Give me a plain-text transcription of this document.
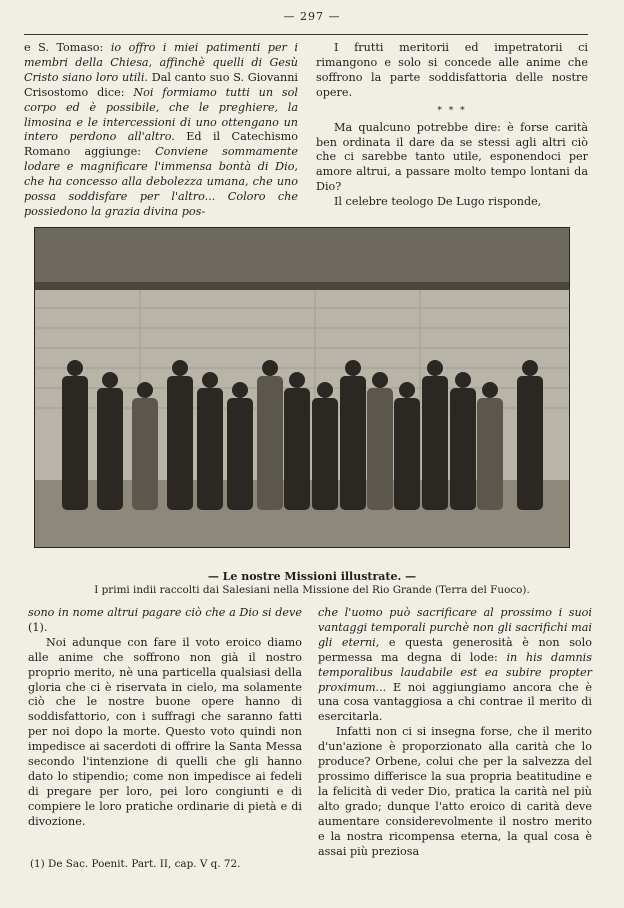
— 297 —

e S. Tomaso: io offro i miei patimenti per i membri della Chiesa, affinchè quelli di Gesù Cristo siano loro utili. Dal canto suo S. Giovanni Crisostomo dice: Noi formiamo tutti un sol corpo ed è possibile, che le preghiere, la limosina e le intercessioni di uno ottengano un intero perdono all'altro. Ed il Catechismo Romano aggiunge: Conviene sommamente lodare e magnificare l'immensa bontà di Dio, che ha concesso alla debolezza umana, che uno possa soddisfare per l'altro... Coloro che possiedono la grazia divina pos-

I frutti meritorii ed impetratorii ci rimangono e solo si concede alle anime che soffrono la parte soddisfattoria delle nostre opere.

* * *

Ma qualcuno potrebbe dire: è forse carità ben ordinata il dare da se stessi agli altri ciò che ci sarebbe tanto utile, esponendoci per amore altrui, a passare molto tempo lontani da Dio?

Il celebre teologo De Lugo risponde,

— Le nostre Missioni illustrate. —
I primi indii raccolti dai Salesiani nella Missione del Rio Grande (Terra del Fuoco).

sono in nome altrui pagare ciò che a Dio si deve (1).

Noi adunque con fare il voto eroico diamo alle anime che soffrono non già il nostro proprio merito, nè una particella qualsiasi della gloria che ci è riservata in cielo, ma solamente ciò che le nostre buone opere hanno di soddisfattorio, con i suffragi che saranno fatti per noi dopo la morte. Questo voto quindi non impedisce ai sacerdoti di offrire la Santa Messa secondo l'intenzione di quelli che gli hanno dato lo stipendio; come non impedisce ai fedeli di pregare per loro, pei loro congiunti e di compiere le loro pratiche ordinarie di pietà e di divozione.

che l'uomo può sacrificare al prossimo i suoi vantaggi temporali purchè non gli sacrifichi mai gli eterni, e questa generosità è non solo permessa ma degna di lode: in his damnis temporalibus laudabile est ea subire propter proximum... E noi aggiungiamo ancora che è una cosa vantaggiosa a chi contrae il merito di esercitarla.

Infatti non ci si insegna forse, che il merito d'un'azione è proporzionato alla carità che lo produce? Orbene, colui che per la salvezza del prossimo differisce la sua propria beatitudine e la felicità di veder Dio, pratica la carità nel più alto grado; dunque l'atto eroico di carità deve aumentare considerevolmente il nostro merito e la nostra ricompensa eterna, la qual cosa è assai più preziosa

(1) De Sac. Poenit. Part. II, cap. V q. 72.
